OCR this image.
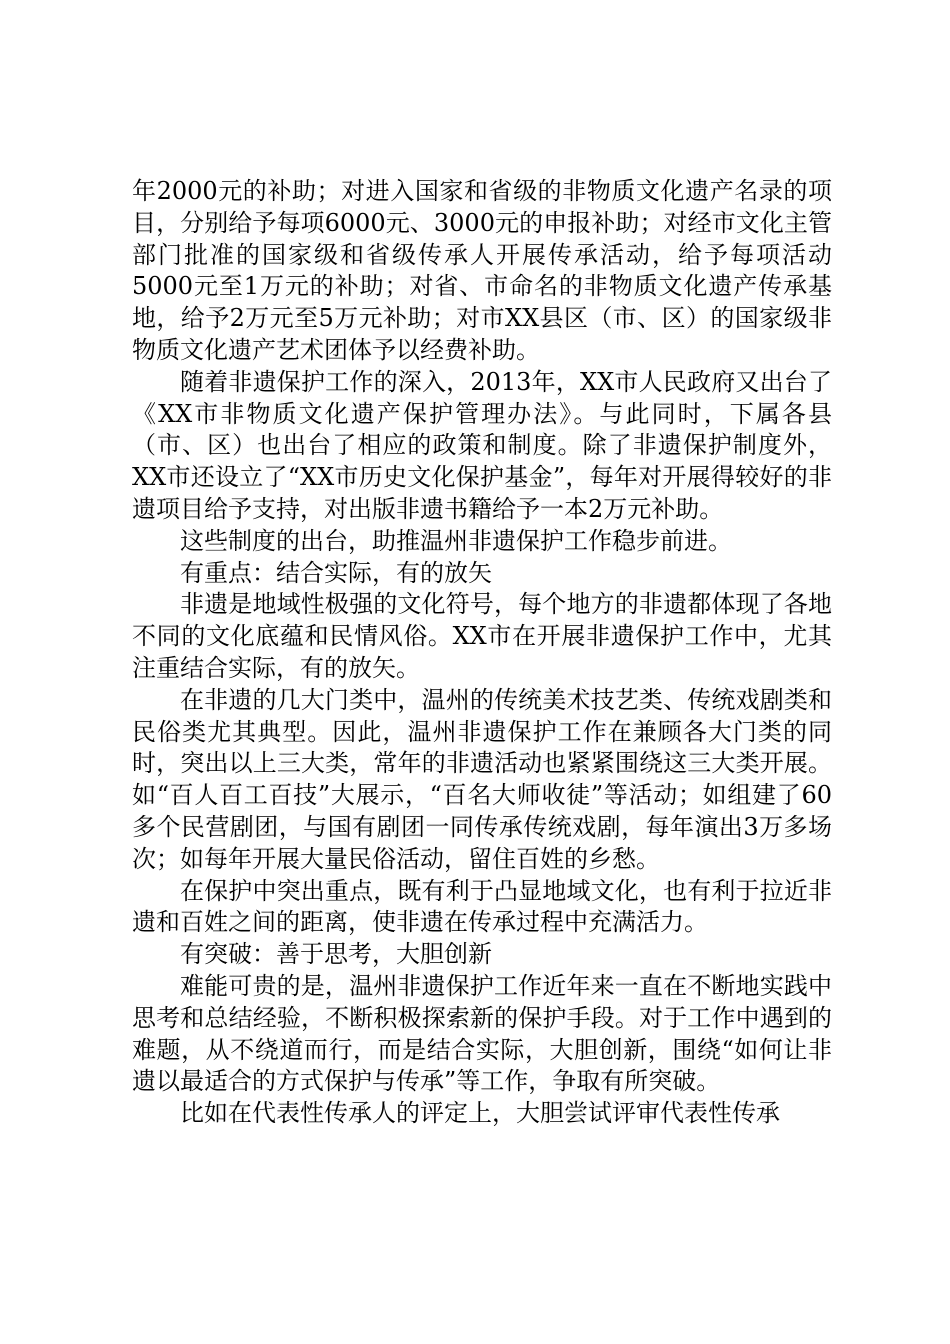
年2000元的补助；对进入国家和省级的非物质文化遗产名录的项目，分别给予每项6000元、3000元的申报补助；对经市文化主管部门批准的国家级和省级传承人开展传承活动，给予每项活动5000元至1万元的补助；对省、市命名的非物质文化遗产传承基地，给予2万元至5万元补助；对市XX县区（市、区）的国家级非物质文化遗产艺术团体予以经费补助。

随着非遗保护工作的深入，2013年，XX市人民政府又出台了《XX市非物质文化遗产保护管理办法》。与此同时，下属各县（市、区）也出台了相应的政策和制度。除了非遗保护制度外，XX市还设立了“XX市历史文化保护基金”，每年对开展得较好的非遗项目给予支持，对出版非遗书籍给予一本2万元补助。

这些制度的出台，助推温州非遗保护工作稳步前进。

有重点：结合实际，有的放矢

非遗是地域性极强的文化符号，每个地方的非遗都体现了各地不同的文化底蕴和民情风俗。XX市在开展非遗保护工作中，尤其注重结合实际，有的放矢。

在非遗的几大门类中，温州的传统美术技艺类、传统戏剧类和民俗类尤其典型。因此，温州非遗保护工作在兼顾各大门类的同时，突出以上三大类，常年的非遗活动也紧紧围绕这三大类开展。如“百人百工百技”大展示，“百名大师收徒”等活动；如组建了60多个民营剧团，与国有剧团一同传承传统戏剧，每年演出3万多场次；如每年开展大量民俗活动，留住百姓的乡愁。

在保护中突出重点，既有利于凸显地域文化，也有利于拉近非遗和百姓之间的距离，使非遗在传承过程中充满活力。

有突破：善于思考，大胆创新

难能可贵的是，温州非遗保护工作近年来一直在不断地实践中思考和总结经验，不断积极探索新的保护手段。对于工作中遇到的难题，从不绕道而行，而是结合实际，大胆创新，围绕“如何让非遗以最适合的方式保护与传承”等工作，争取有所突破。

比如在代表性传承人的评定上，大胆尝试评审代表性传承
